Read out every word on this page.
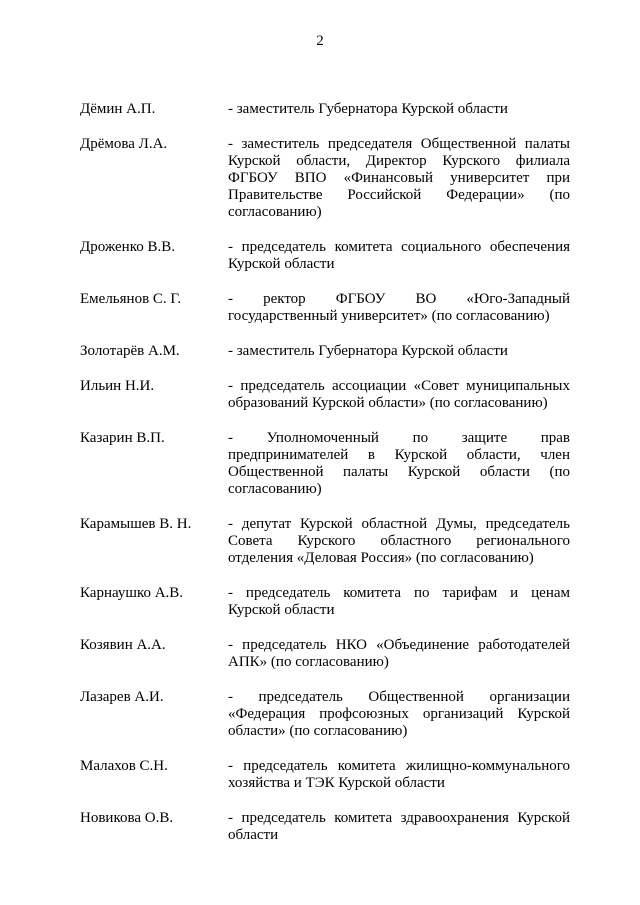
2
Дёмин А.П.	- заместитель Губернатора Курской области
Дрёмова Л.А.	- заместитель председателя Общественной палаты Курской области, Директор Курского филиала ФГБОУ ВПО «Финансовый университет при Правительстве Российской Федерации» (по согласованию)
Дроженко В.В.	- председатель комитета социального обеспечения Курской области
Емельянов С. Г.	- ректор ФГБОУ ВО «Юго-Западный государственный университет» (по согласованию)
Золотарёв А.М.	- заместитель Губернатора Курской области
Ильин Н.И.	- председатель ассоциации «Совет муниципальных образований Курской области» (по согласованию)
Казарин В.П.	- Уполномоченный по защите прав предпринимателей в Курской области, член Общественной палаты Курской области (по согласованию)
Карамышев В. Н. - депутат Курской областной Думы, председатель Совета Курского областного регионального отделения «Деловая Россия» (по согласованию)
Карнаушко А.В.	- председатель комитета по тарифам и ценам Курской области
Козявин А.А.	- председатель НКО «Объединение работодателей АПК» (по согласованию)
Лазарев А.И.	- председатель Общественной организации «Федерация профсоюзных организаций Курской области» (по согласованию)
Малахов С.Н.	- председатель комитета жилищно-коммунального хозяйства и ТЭК Курской области
Новикова О.В.	- председатель комитета здравоохранения Курской области
